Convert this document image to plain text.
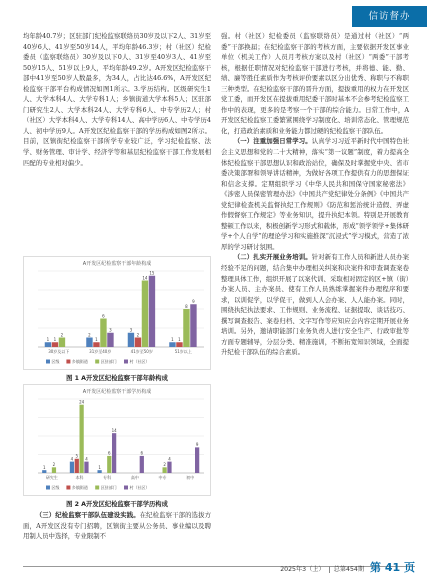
信访督办

均年龄40.7岁；区驻部门纪检监察联络员30岁及以下2人、31岁至40岁6人、41岁至50岁14人，平均年龄46.3岁；村（社区）纪检委员（监察联络员）30岁及以下0人、31岁至40岁3人、41岁至50岁15人、51岁以上9人，平均年龄49.2岁。A开发区纪检监察干部中41岁至50岁人数最多，为34人，占比达46.6%，A开发区纪检监察干部平台构成情况如图1所示。3.学历结构。区级研究生1人、大学本科4人、大学专科1人；乡镇街道大学本科5人；区驻部门研究生2人、大学本科24人、大学专科6人、中专学历2人；村（社区）大学本科4人、大学专科14人、高中学历6人、中专学历4人、初中学历9人。A开发区纪检监察干部的学历构成如图2所示。目前，区镇街纪检监察干部所学专业较广泛，学习纪检监察、法学、财务管理、审计学、经济学等和基层纪检监察干部工作发展相匹配的专业相对偏少。

A开发区纪检监察干部年龄构成
1 1
2
30岁及以下
2
1
6
3
31岁至40岁
3
2
14
15
41岁至50岁
1 1
8
9
51岁以上
区级	乡镇街道	区驻部门	村（社区）
图 1 A开发区纪检监察干部年龄构成
A开发区纪检监察干部学历构成
1
2
研究生
4
5
24
4
本科
1
6
14
专科
6
高中
2
4
中专
9
初中
区级	乡镇街道	区驻部门	村（社区）
图 2 A开发区纪检监察干部学历构成

（三）纪检监察干部队伍建设实践。在纪检监察干部的选拔方面，A开发区没有专门招聘，区镇街主要从公务员、事业编以及聘用制人员中选择，专业限制不

强。村（社区）纪检委员（监察联络员）是通过村（社区）“两委”干部换届；在纪检监察干部的考核方面，主要依据开发区事业单位（机关工作）人员月考核方案以及村（社区）“两委”干部考核，根据任职情况对纪检监察干部进行考核，并将德、能、勤、绩、廉等胜任素质作为考核评价要素以区分出优秀、称职与不称职三种类型。在纪检监察干部的晋升方面，提拔重用的权力在开发区党工委，而开发区在提拔重用纪委干部时基本不会参考纪检监察工作中的表现，更多的是考察一个干部的综合能力。日常工作中，A开发区纪检监察工委繁紧围绕学习制度化、培训常态化、管理规范化，打造政治素质和业务能力都过硬的纪检监察干部队伍。

（一）注重加强日常学习。认真学习习近平新时代中国特色社会主义思想和党的二十大精神，落实“第一议题”制度，着力提高全体纪检监察干部思想认识和政治站位，确保及时掌握党中央、省市委决策部署和领导讲话精神，为做好各项工作提供有力的思想保证和信念支撑。定期组织学习《中华人民共和国保守国家秘密法》《涉密人员保密管理办法》《中国共产党纪律处分条例》《中国共产党纪律检查机关监督执纪工作规则》《防范和惩治统计造假、弄虚作假督察工作规定》等业务知识，提升执纪本领。特别是开展教育整顿工作以来，积极创新学习形式和载体，形成“领学领学+集体研学+个人自学”的理论学习和实施推深“沉浸式”学习模式，营造了浓厚的学习研讨氛围。

（二）扎实开展业务培训。针对新有工作人员和新进人员办案经验不足的问题，结合集中办理相关纠案和决案件和审查调查案卷整理具体工作，组织开展了以案代训、采取相对固定的区+镇（街）办案人员、主办案员、使有工作人员熟练掌握案件办理程序和要求，以训促学，以学促干，做到人人会办案、人人能办案。同时，围绕执纪执法要求、工作规则、业务流程、证据提取、谈话技巧、撰写调查报告、案卷归档、文字写作等应知应会内容定期开展业务培训。另外，邀请职能部门业务负责人进行安全生产、行政审批等方面专题辅导，分层分类、精准施训，不断拓宽知识领域，全面提升纪检干部队伍的综合素质。

2025年3（上） 总第454期 第 41 页
